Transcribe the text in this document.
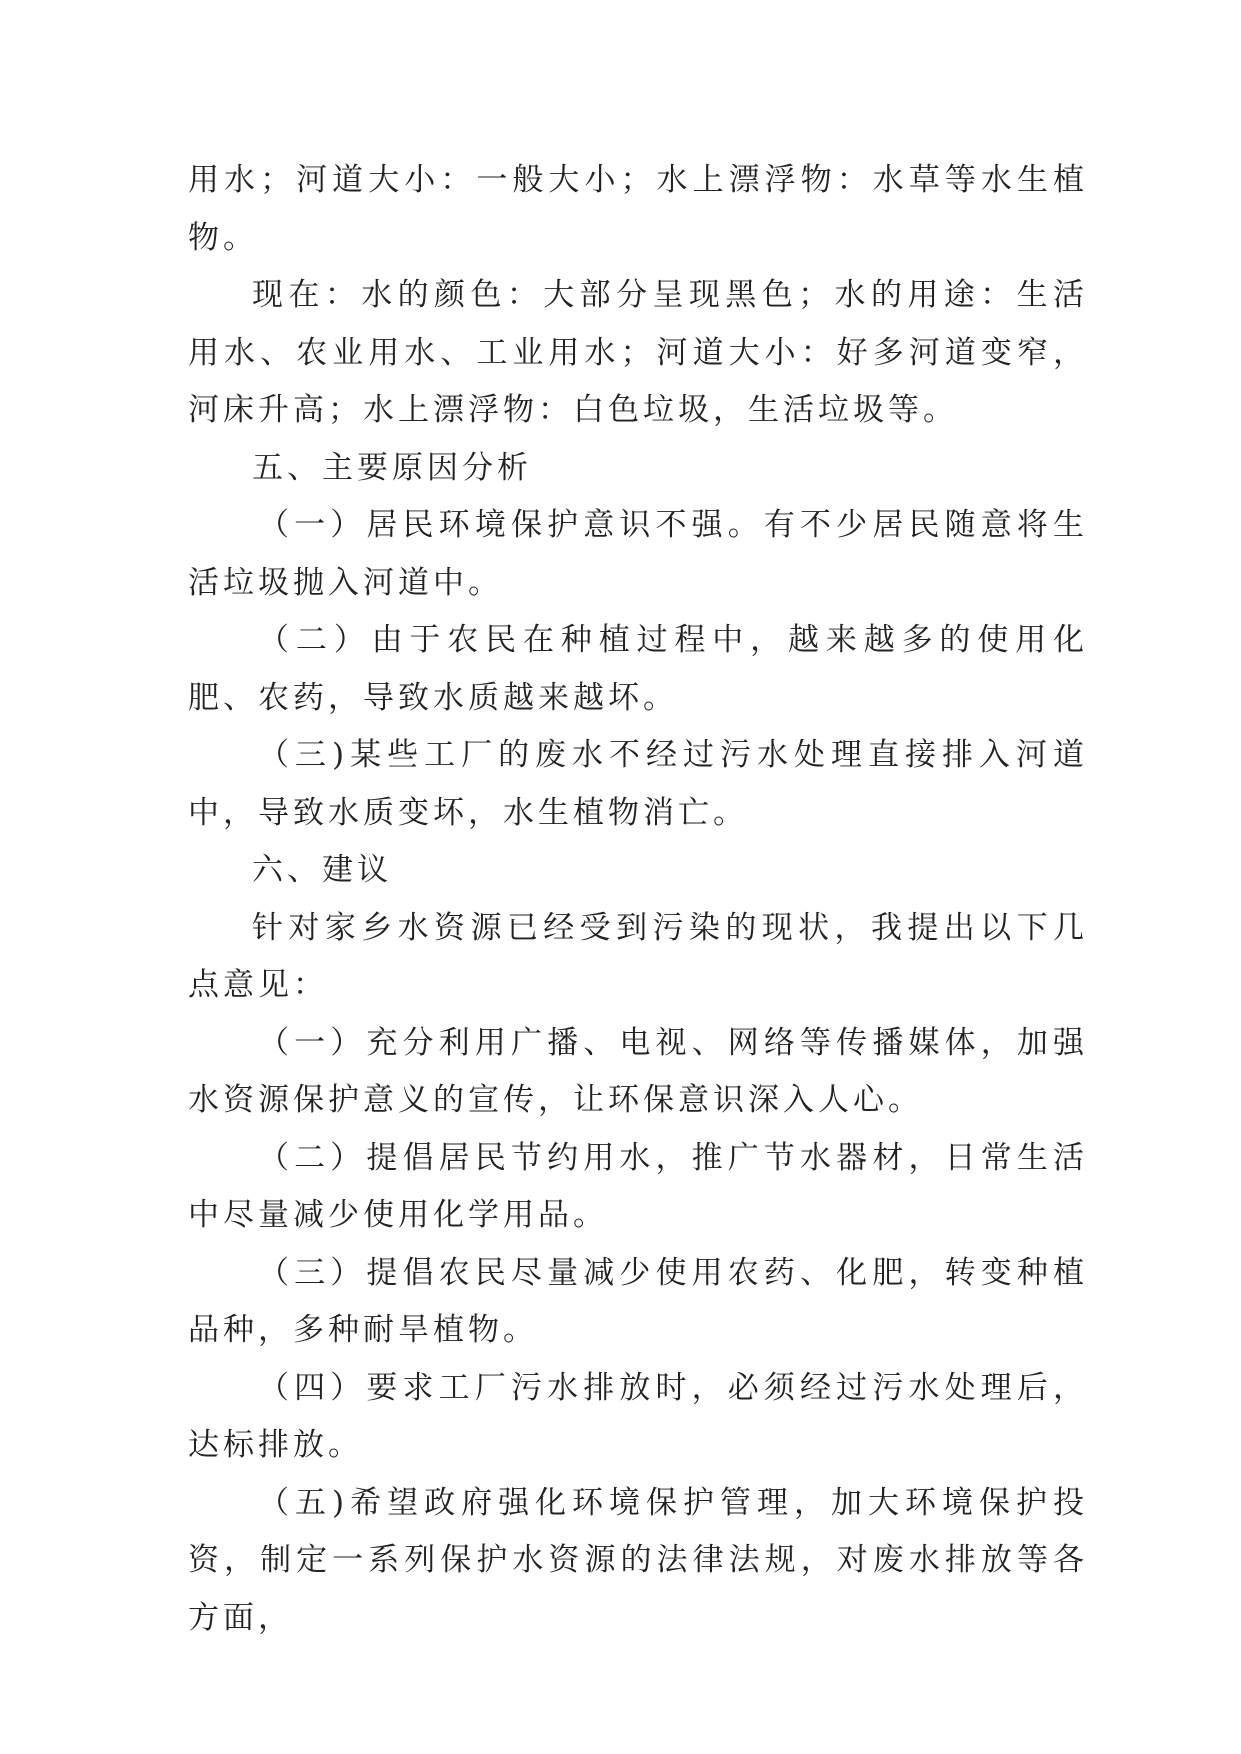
用水；河道大小：一般大小；水上漂浮物：水草等水生植物。

现在：水的颜色：大部分呈现黑色；水的用途：生活用水、农业用水、工业用水；河道大小：好多河道变窄，河床升高；水上漂浮物：白色垃圾，生活垃圾等。

五、主要原因分析

（一）居民环境保护意识不强。有不少居民随意将生活垃圾抛入河道中。

（二）由于农民在种植过程中，越来越多的使用化肥、农药，导致水质越来越坏。

（三)某些工厂的废水不经过污水处理直接排入河道中，导致水质变坏，水生植物消亡。

六、建议

针对家乡水资源已经受到污染的现状，我提出以下几点意见：

（一）充分利用广播、电视、网络等传播媒体，加强水资源保护意义的宣传，让环保意识深入人心。

（二）提倡居民节约用水，推广节水器材，日常生活中尽量减少使用化学用品。

（三）提倡农民尽量减少使用农药、化肥，转变种植品种，多种耐旱植物。

（四）要求工厂污水排放时，必须经过污水处理后，达标排放。

（五)希望政府强化环境保护管理，加大环境保护投资，制定一系列保护水资源的法律法规，对废水排放等各方面，
